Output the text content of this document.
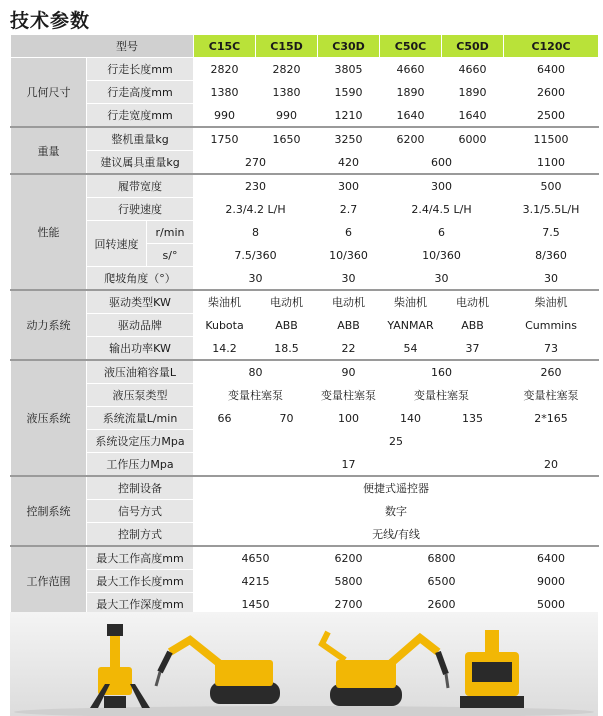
技术参数
型号			C15C	C15D	C30D	C50C	C50D	C120C
几何尺寸	行走长度mm		2820	2820	3805	4660	4660	6400
	行走高度mm		1380	1380	1590	1890	1890	2600
	行走宽度mm		990	990	1210	1640	1640	2500
重量	整机重量kg		1750	1650	3250	6200	6000	11500
	建议属具重量kg		270		420	600		1100
性能	履带宽度		230		300	300		500
	行驶速度		2.3/4.2 L/H		2.7	2.4/4.5 L/H		3.1/5.5L/H
	回转速度	r/min	8		6	6		7.5
		s/°	7.5/360		10/360	10/360		8/360
	爬坡角度（°）		30		30	30		30
动力系统	驱动类型KW		柴油机	电动机	电动机	柴油机	电动机	柴油机
	驱动品牌		Kubota	ABB	ABB	YANMAR	ABB	Cummins
	输出功率KW		14.2	18.5	22	54	37	73
液压系统	液压油箱容量L		80		90	160		260
	液压泵类型		变量柱塞泵		变量柱塞泵	变量柱塞泵		变量柱塞泵
	系统流量L/min		66	70	100	140	135	2*165
	系统设定压力Mpa		25					
	工作压力Mpa		17					20
控制系统	控制设备		便捷式遥控器					
	信号方式		数字					
	控制方式		无线/有线					
工作范围	最大工作高度mm		4650		6200	6800		6400
	最大工作长度mm		4215		5800	6500		9000
	最大工作深度mm		1450		2700	2600		5000
